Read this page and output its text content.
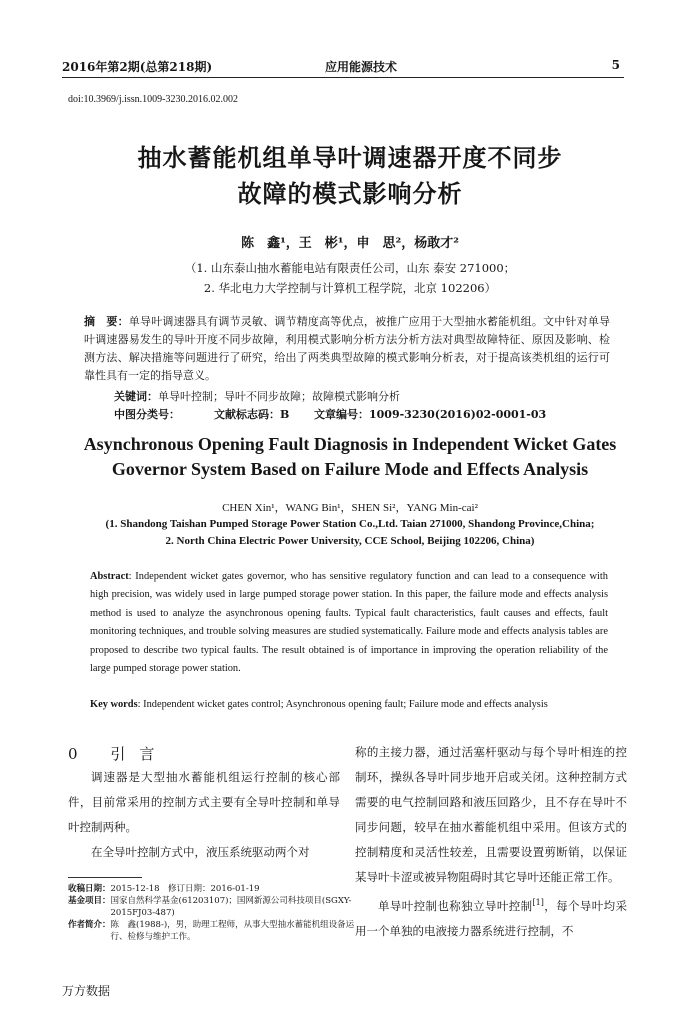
2016年第2期(总第218期)	应用能源技术	5
doi:10.3969/j.issn.1009-3230.2016.02.002
抽水蓄能机组单导叶调速器开度不同步
故障的模式影响分析
陈　鑫¹，王　彬¹，申　思²，杨敢才²
（1. 山东泰山抽水蓄能电站有限责任公司，山东 泰安 271000；
2. 华北电力大学控制与计算机工程学院，北京 102206）
摘　要：单导叶调速器具有调节灵敏、调节精度高等优点，被推广应用于大型抽水蓄能机组。文中针对单导叶调速器易发生的导叶开度不同步故障，利用模式影响分析方法分析方法对典型故障特征、原因及影响、检测方法、解决措施等问题进行了研究，给出了两类典型故障的模式影响分析表，对于提高该类机组的运行可靠性具有一定的指导意义。
关键词：单导叶控制；导叶不同步故障；故障模式影响分析
中图分类号：	文献标志码：B 文章编号：1009-3230(2016)02-0001-03
Asynchronous Opening Fault Diagnosis in Independent Wicket Gates
Governor System Based on Failure Mode and Effects Analysis
CHEN Xin¹，WANG Bin¹，SHEN Si²，YANG Min-cai²
(1. Shandong Taishan Pumped Storage Power Station Co.,Ltd. Taian 271000, Shandong Province,China;
2. North China Electric Power University, CCE School, Beijing 102206, China)
Abstract: Independent wicket gates governor, who has sensitive regulatory function and can lead to a consequence with high precision, was widely used in large pumped storage power station. In this paper, the failure mode and effects analysis method is used to analyze the asynchronous opening faults. Typical fault characteristics, fault causes and effects, fault monitoring techniques, and trouble solving measures are studied systematically. Failure mode and effects analysis tables are proposed to describe two typical faults. The result obtained is of importance in improving the operation reliability of the large pumped storage power station.
Key words: Independent wicket gates control; Asynchronous opening fault; Failure mode and effects analysis
0 引言

调速器是大型抽水蓄能机组运行控制的核心部件，目前常采用的控制方式主要有全导叶控制和单导叶控制两种。

在全导叶控制方式中，液压系统驱动两个对

收稿日期： 2015-12-18　修订日期：2016-01-19
基金项目： 国家自然科学基金(61203107)；国网新源公司科技项目(SGXY-2015FJ03-487)
作者简介： 陈　鑫(1988-)，男，助理工程师，从事大型抽水蓄能机组设备运行、检修与维护工作。

称的主接力器，通过活塞杆驱动与每个导叶相连的控制环，操纵各导叶同步地开启或关闭。这种控制方式需要的电气控制回路和液压回路少，且不存在导叶不同步问题，较早在抽水蓄能机组中采用。但该方式的控制精度和灵活性较差，且需要设置剪断销，以保证某导叶卡涩或被异物阻碍时其它导叶还能正常工作。

单导叶控制也称独立导叶控制[1]，每个导叶均采用一个单独的电液接力器系统进行控制，不

万方数据
